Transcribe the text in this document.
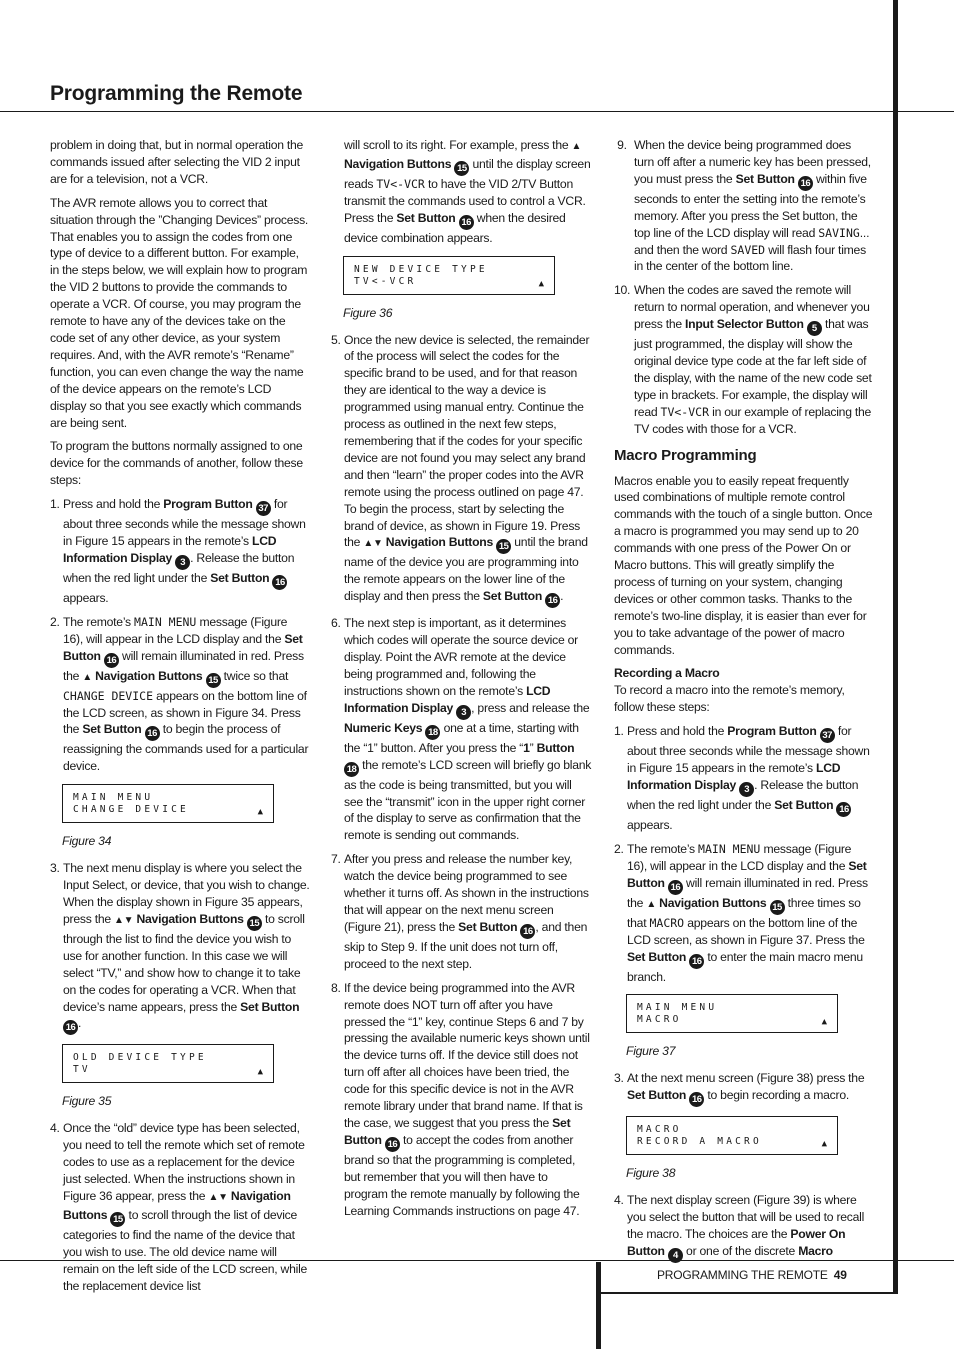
Programming the Remote

problem in doing that, but in normal operation the commands issued after selecting the VID 2 input are for a television, not a VCR.

The AVR remote allows you to correct that situation through the ”Changing Devices” process. That enables you to assign the codes from one type of device to a different button. For example, in the steps below, we will explain how to program the VID 2 buttons to provide the commands to operate a VCR. Of course, you may program the remote to have any of the devices take on the code set of any other device, as your system requires. And, with the AVR remote’s “Rename” function, you can even change the way the name of the device appears on the remote’s LCD display so that you see exactly which commands are being sent.

To program the buttons normally assigned to one device for the commands of another, follow these steps:

1. Press and hold the Program Button 37 for about three seconds while the message shown in Figure 15 appears in the remote’s LCD Information Display 3 . Release the button when the red light under the Set Button 16 appears.
2. The remote’s MAIN MENU message (Figure 16), will appear in the LCD display and the Set Button 16 will remain illuminated in red. Press the ▲ Navigation Buttons 15 twice so that CHANGE DEVICE appears on the bottom line of the LCD screen, as shown in Figure 34. Press the Set Button 16 to begin the process of reassigning the commands used for a particular device.
MAIN MENU
CHANGE DEVICE	▲
Figure 34
3. The next menu display is where you select the Input Select, or device, that you wish to change. When the display shown in Figure 35 appears, press the ▲▼ Navigation Buttons 15 to scroll through the list to find the device you wish to use for another function. In this case we will select “TV,” and show how to change it to take on the codes for operating a VCR. When that device’s name appears, press the Set Button 16 .
OLD DEVICE TYPE
TV	▲
Figure 35
4. Once the “old” device type has been selected, you need to tell the remote which set of remote codes to use as a replacement for the device just selected. When the instructions shown in Figure 36 appear, press the ▲▼ Navigation Buttons 15 to scroll through the list of device categories to find the name of the device that you wish to use. The old device name will remain on the left side of the LCD screen, while the replacement device list
will scroll to its right. For example, press the ▲ Navigation Buttons 15 until the display screen reads TV<-VCR to have the VID 2/TV Button transmit the commands used to control a VCR. Press the Set Button 16 when the desired device combination appears.
NEW DEVICE TYPE
TV<-VCR	▲
Figure 36
5. Once the new device is selected, the remainder of the process will select the codes for the specific brand to be used, and for that reason they are identical to the way a device is programmed using manual entry. Continue the process as outlined in the next few steps, remembering that if the codes for your specific device are not found you may select any brand and then “learn” the proper codes into the AVR remote using the process outlined on page 47. To begin the process, start by selecting the brand of device, as shown in Figure 19. Press the ▲▼ Navigation Buttons 15 until the brand name of the device you are programming into the remote appears on the lower line of the display and then press the Set Button 16 .
6. The next step is important, as it determines which codes will operate the source device or display. Point the AVR remote at the device being programmed and, following the instructions shown on the remote’s LCD Information Display 3 , press and release the Numeric Keys 18 one at a time, starting with the “1” button. After you press the “1” Button 18 the remote’s LCD screen will briefly go blank as the code is being transmitted, but you will see the “transmit” icon in the upper right corner of the display to serve as confirmation that the remote is sending out commands.
7. After you press and release the number key, watch the device being programmed to see whether it turns off. As shown in the instructions that will appear on the next menu screen (Figure 21), press the Set Button 16 , and then skip to Step 9. If the unit does not turn off, proceed to the next step.
8. If the device being programmed into the AVR remote does NOT turn off after you have pressed the “1” key, continue Steps 6 and 7 by pressing the available numeric keys shown until the device turns off. If the device still does not turn off after all choices have been tried, the code for this specific device is not in the AVR remote library under that brand name. If that is the case, we suggest that you press the Set Button 16 to accept the codes from another brand so that the programming is completed, but remember that you will then have to program the remote manually by following the Learning Commands instructions on page 47.
9. When the device being programmed does turn off after a numeric key has been pressed, you must press the Set Button 16 within five seconds to enter the setting into the remote’s memory. After you press the Set button, the top line of the LCD display will read SAVING... and then the word SAVED will flash four times in the center of the bottom line.
10. When the codes are saved the remote will return to normal operation, and whenever you press the Input Selector Button 5 that was just programmed, the display will show the original device type code at the far left side of the display, with the name of the new code set type in brackets. For example, the display will read TV<-VCR in our example of replacing the TV codes with those for a VCR.
Macro Programming

Macros enable you to easily repeat frequently used combinations of multiple remote control commands with the touch of a single button. Once a macro is programmed you may send up to 20 commands with one press of the Power On or Macro buttons. This will greatly simplify the process of turning on your system, changing devices or other common tasks. Thanks to the remote’s two-line display, it is easier than ever for you to take advantage of the power of macro commands.

Recording a Macro

To record a macro into the remote’s memory, follow these steps:

1. Press and hold the Program Button 37 for about three seconds while the message shown in Figure 15 appears in the remote’s LCD Information Display 3 . Release the button when the red light under the Set Button 16 appears.
2. The remote’s MAIN MENU message (Figure 16), will appear in the LCD display and the Set Button 16 will remain illuminated in red. Press the ▲ Navigation Buttons 15 three times so that MACRO appears on the bottom line of the LCD screen, as shown in Figure 37. Press the Set Button 16 to enter the main macro menu branch.
MAIN MENU
MACRO	▲
Figure 37
3. At the next menu screen (Figure 38) press the Set Button 16 to begin recording a macro.
MACRO
RECORD A MACRO	▲
Figure 38
4. The next display screen (Figure 39) is where you select the button that will be used to recall the macro. The choices are the Power On Button 4 or one of the discrete Macro
PROGRAMMING THE REMOTE 49
